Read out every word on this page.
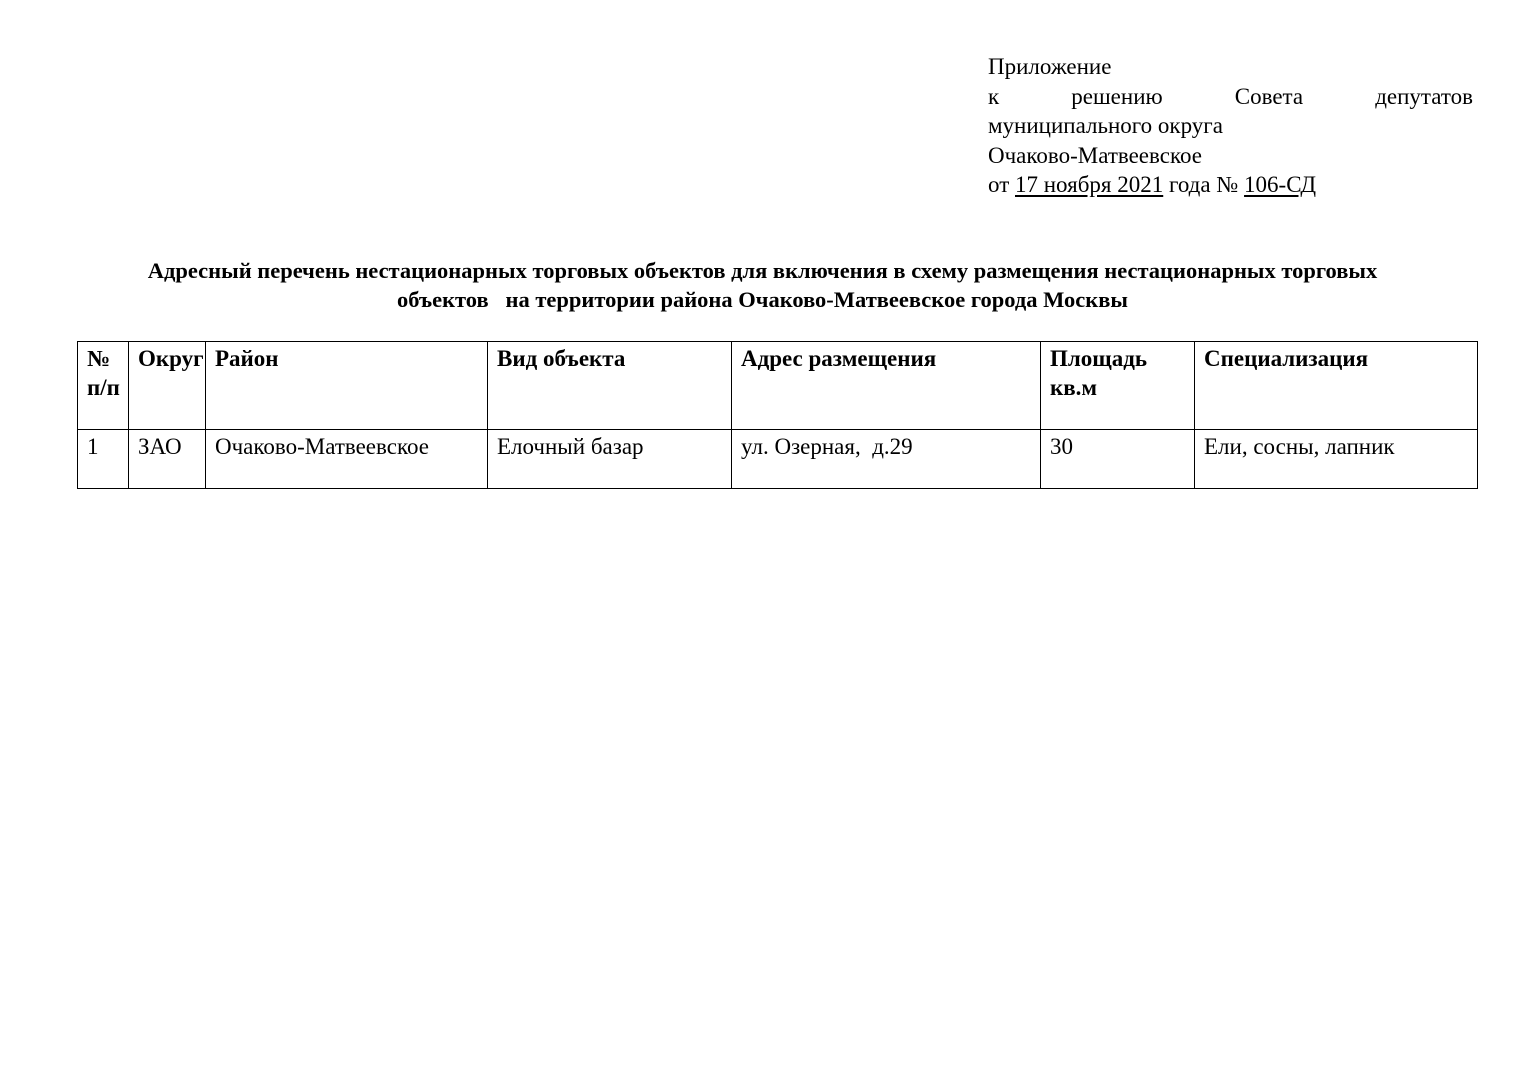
Приложение
к	решению	Совета	депутатов
муниципального округа
Очаково-Матвеевское
от 17 ноября 2021 года № 106-СД
Адресный перечень нестационарных торговых объектов для включения в схему размещения нестационарных торговых
объектов   на территории района Очаково-Матвеевское города Москвы
№ п/п	Округ	Район	Вид объекта	Адрес размещения	Площадь кв.м	Специализация
1	ЗАО	Очаково-Матвеевское	Елочный базар	ул. Озерная,  д.29	30	Ели, сосны, лапник
